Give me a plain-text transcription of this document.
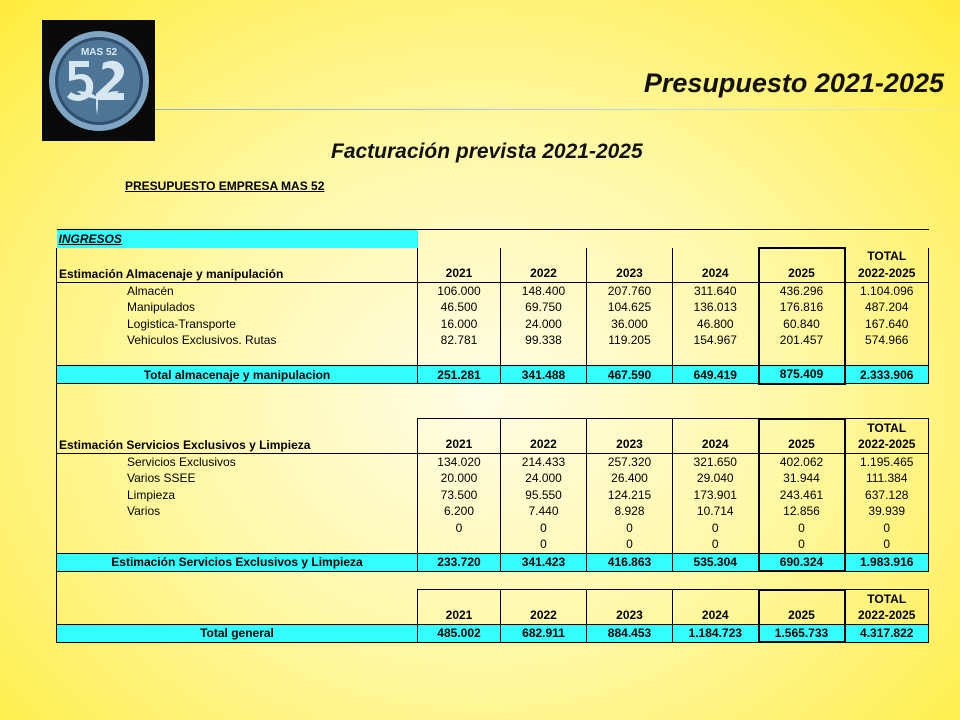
MAS 52
Presupuesto 2021-2025
Facturación prevista 2021-2025
PRESUPUESTO EMPRESA MAS 52
INGRESOS						
						TOTAL
Estimación Almacenaje y manipulación	2021	2022	2023	2024	2025	2022-2025
Almacén	106.000	148.400	207.760	311.640	436.296	1.104.096
Manipulados	46.500	69.750	104.625	136.013	176.816	487.204
Logistica-Transporte	16.000	24.000	36.000	46.800	60.840	167.640
Vehiculos Exclusivos. Rutas	82.781	99.338	119.205	154.967	201.457	574.966

Total almacenaje y manipulacion	251.281	341.488	467.590	649.419	875.409	2.333.906

						TOTAL
Estimación Servicios Exclusivos y Limpieza	2021	2022	2023	2024	2025	2022-2025
Servicios Exclusivos	134.020	214.433	257.320	321.650	402.062	1.195.465
Varios SSEE	20.000	24.000	26.400	29.040	31.944	111.384
Limpieza	73.500	95.550	124.215	173.901	243.461	637.128
Varios	6.200	7.440	8.928	10.714	12.856	39.939
	0	0	0	0	0	0
		0	0	0	0	0
Estimación Servicios Exclusivos y Limpieza	233.720	341.423	416.863	535.304	690.324	1.983.916

						TOTAL
	2021	2022	2023	2024	2025	2022-2025
Total general	485.002	682.911	884.453	1.184.723	1.565.733	4.317.822
